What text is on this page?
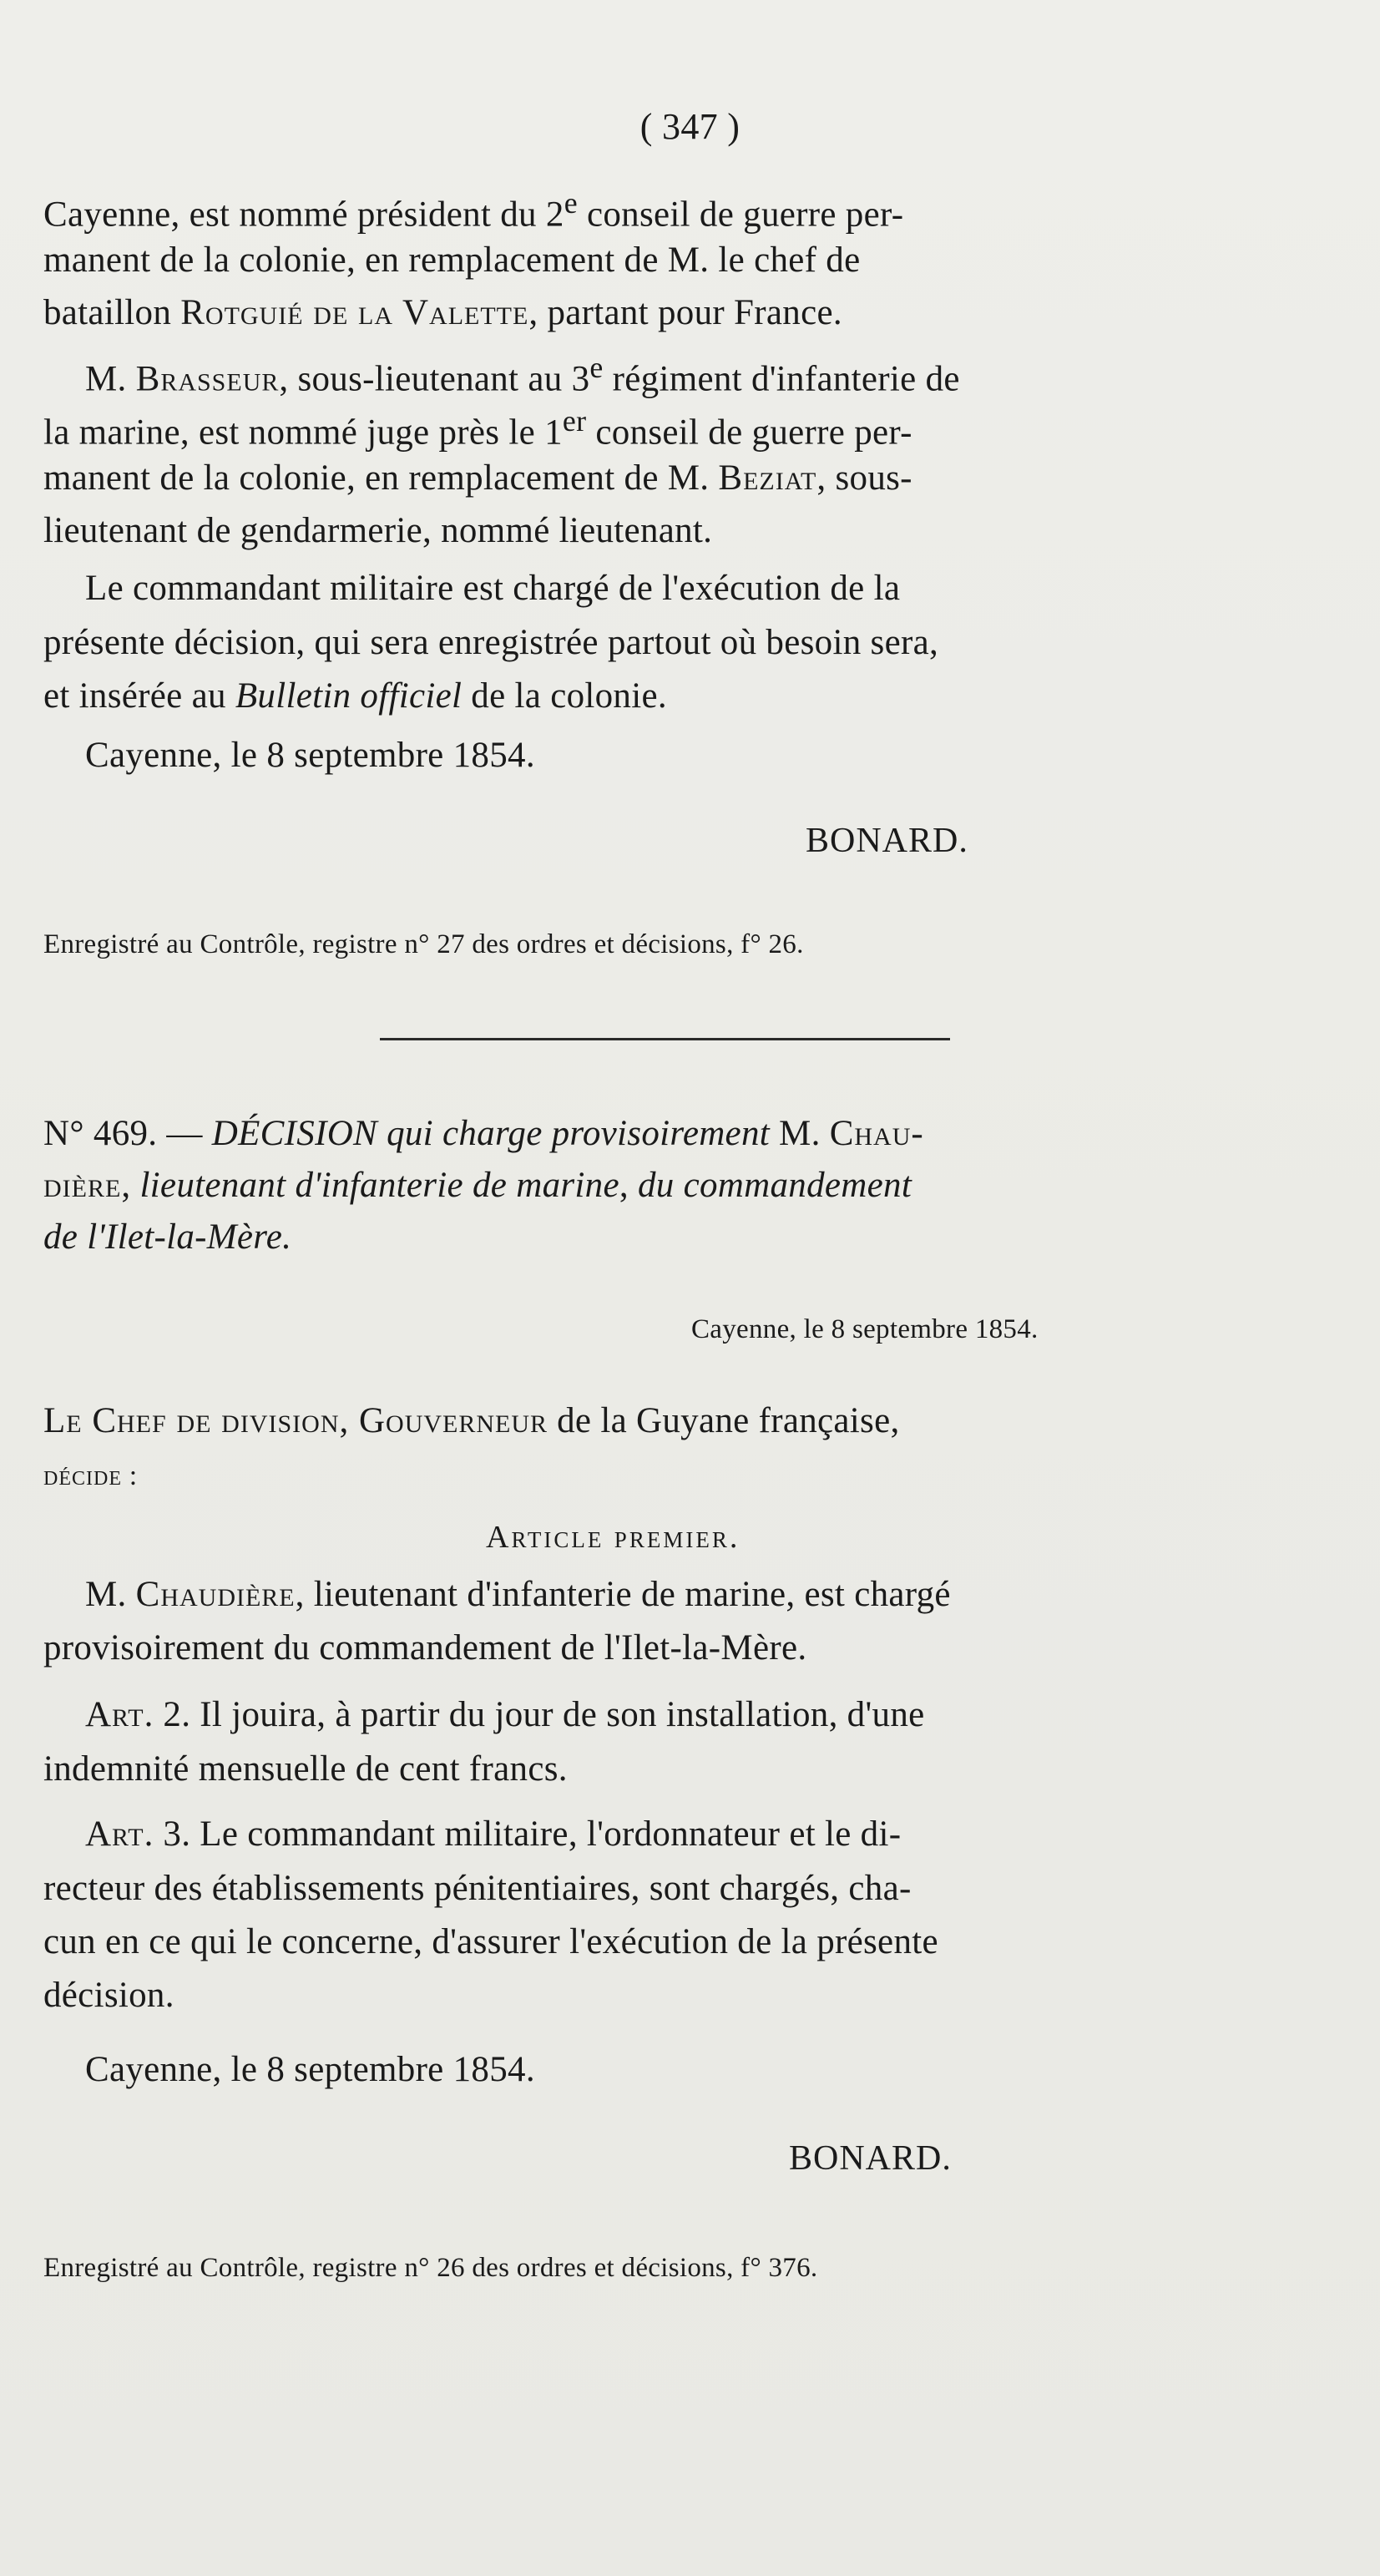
( 347 )
Cayenne, est nommé président du 2e conseil de guerre per-
manent de la colonie, en remplacement de M. le chef de
bataillon Rotguié de la Valette, partant pour France.
M. Brasseur, sous-lieutenant au 3e régiment d'infanterie de
la marine, est nommé juge près le 1er conseil de guerre per-
manent de la colonie, en remplacement de M. Beziat, sous-
lieutenant de gendarmerie, nommé lieutenant.
Le commandant militaire est chargé de l'exécution de la
présente décision, qui sera enregistrée partout où besoin sera,
et insérée au Bulletin officiel de la colonie.
Cayenne, le 8 septembre 1854.
BONARD.
Enregistré au Contrôle, registre n° 27 des ordres et décisions, f° 26.
N° 469. — DÉCISION qui charge provisoirement M. Chau-
dière, lieutenant d'infanterie de marine, du commandement
de l'Ilet-la-Mère.
Cayenne, le 8 septembre 1854.
Le Chef de division, Gouverneur de la Guyane française,
décide :
Article premier.
M. Chaudière, lieutenant d'infanterie de marine, est chargé
provisoirement du commandement de l'Ilet-la-Mère.
Art. 2. Il jouira, à partir du jour de son installation, d'une
indemnité mensuelle de cent francs.
Art. 3. Le commandant militaire, l'ordonnateur et le di-
recteur des établissements pénitentiaires, sont chargés, cha-
cun en ce qui le concerne, d'assurer l'exécution de la présente
décision.
Cayenne, le 8 septembre 1854.
BONARD.
Enregistré au Contrôle, registre n° 26 des ordres et décisions, f° 376.
